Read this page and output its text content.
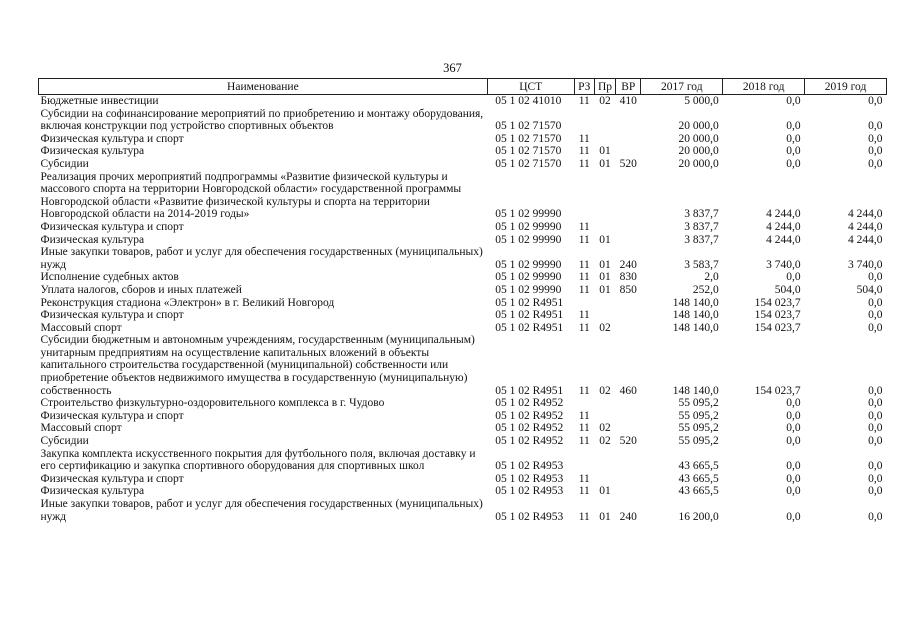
367
Наименование	ЦСТ	РЗ	Пр	ВР	2017 год	2018 год	2019 год
Бюджетные инвестиции	05 1 02 41010	11	02	410	5 000,0	0,0	0,0
Субсидии на софинансирование мероприятий по приобретению и монтажу оборудования, включая конструкции под устройство спортивных объектов	05 1 02 71570				20 000,0	0,0	0,0
Физическая культура и спорт	05 1 02 71570	11			20 000,0	0,0	0,0
Физическая культура	05 1 02 71570	11	01		20 000,0	0,0	0,0
Субсидии	05 1 02 71570	11	01	520	20 000,0	0,0	0,0
Реализация прочих мероприятий подпрограммы «Развитие физической культуры и массового спорта на территории Новгородской области» государственной программы Новгородской области «Развитие физической культуры и спорта на территории Новгородской области на 2014-2019 годы»	05 1 02 99990				3 837,7	4 244,0	4 244,0
Физическая культура и спорт	05 1 02 99990	11			3 837,7	4 244,0	4 244,0
Физическая культура	05 1 02 99990	11	01		3 837,7	4 244,0	4 244,0
Иные закупки товаров, работ и услуг для обеспечения государственных (муниципальных) нужд	05 1 02 99990	11	01	240	3 583,7	3 740,0	3 740,0
Исполнение судебных актов	05 1 02 99990	11	01	830	2,0	0,0	0,0
Уплата налогов, сборов и иных платежей	05 1 02 99990	11	01	850	252,0	504,0	504,0
Реконструкция стадиона «Электрон» в г. Великий Новгород	05 1 02 R4951				148 140,0	154 023,7	0,0
Физическая культура и спорт	05 1 02 R4951	11			148 140,0	154 023,7	0,0
Массовый спорт	05 1 02 R4951	11	02		148 140,0	154 023,7	0,0
Субсидии бюджетным и автономным учреждениям, государственным (муниципальным) унитарным предприятиям на осуществление капитальных вложений в объекты капитального строительства государственной (муниципальной) собственности или приобретение объектов недвижимого имущества в государственную (муниципальную) собственность	05 1 02 R4951	11	02	460	148 140,0	154 023,7	0,0
Строительство физкультурно-оздоровительного комплекса в г. Чудово	05 1 02 R4952				55 095,2	0,0	0,0
Физическая культура и спорт	05 1 02 R4952	11			55 095,2	0,0	0,0
Массовый спорт	05 1 02 R4952	11	02		55 095,2	0,0	0,0
Субсидии	05 1 02 R4952	11	02	520	55 095,2	0,0	0,0
Закупка комплекта искусственного покрытия для футбольного поля, включая доставку и его сертификацию и закупка спортивного оборудования для спортивных школ	05 1 02 R4953				43 665,5	0,0	0,0
Физическая культура и спорт	05 1 02 R4953	11			43 665,5	0,0	0,0
Физическая культура	05 1 02 R4953	11	01		43 665,5	0,0	0,0
Иные закупки товаров, работ и услуг для обеспечения государственных (муниципальных) нужд	05 1 02 R4953	11	01	240	16 200,0	0,0	0,0
